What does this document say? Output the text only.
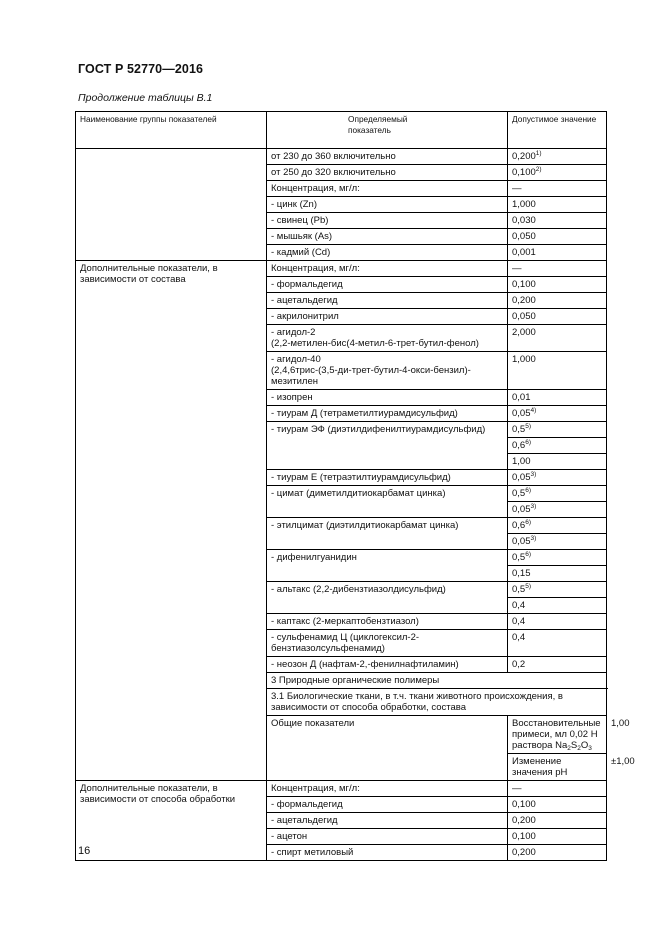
ГОСТ Р 52770—2016
Продолжение таблицы В.1
Наименование группы показателей	Определяемый показатель	Допустимое значение	
	от 230 до 360 включительно	0,200$^{1)}$
	от 250 до 320 включительно	0,100$^{2)}$
	Концентрация, мг/л:	—	
	- цинк (Zn)	1,000	
	- свинец (Pb)	0,030	
	- мышьяк (As)	0,050	
	- кадмий (Cd)	0,001	
Дополнительные показатели, в зависимости от состава	Концентрация, мг/л:	—	
	- формальдегид	0,100	
	- ацетальдегид	0,200	
	- акрилонитрил	0,050	

	- агидол-2
(2,2-метилен-бис(4-метил-6-трет-бутил-фенол)	2,000	

	- агидол-40
(2,4,6трис-(3,5-ди-трет-бутил-4-окси-бензил)-мезитилен	1,000	
	- изопрен	0,01	
	- тиурам Д (тетраметилтиурамдисульфид)	0,05$^{4)}$
	- тиурам ЭФ (диэтилдифенилтиурамдисульфид)	0,5$^{5)}$
		0,6$^{6)}$
		1,00	
	- тиурам Е (тетраэтилтиурамдисульфид)	0,05$^{3)}$
	- цимат (диметилдитиокарбамат цинка)	0,5$^{6)}$
		0,05$^{3)}$
	- этилцимат (диэтилдитиокарбамат цинка)	0,6$^{6)}$
		0,05$^{3)}$
	- дифенилгуанидин	0,5$^{6)}$
		0,15	
	- альтакс (2,2-дибензтиазолдисульфид)	0,5$^{5)}$
		0,4	
	- каптакс (2-меркаптобензтиазол)	0,4	
	- сульфенамид Ц (циклогексил-2-бензтиазолсульфенамид)	0,4	
	- неозон Д (нафтам-2,-фенилнафтиламин)	0,2	
	3 Природные органические полимеры		
	3.1 Биологические ткани, в т.ч. ткани животного происхождения, в зависимости от способа обработки, состава		
	Общие показатели	Восстановительные примеси, мл 0,02 Н раствора $Na_2S_2O_3$	1,00
		Изменение значения pH	±1,00
Дополнительные показатели, в зависимости от способа обработки	Концентрация, мг/л:	—	
	- формальдегид	0,100	
	- ацетальдегид	0,200	
	- ацетон	0,100	
	- спирт метиловый	0,200	
16
